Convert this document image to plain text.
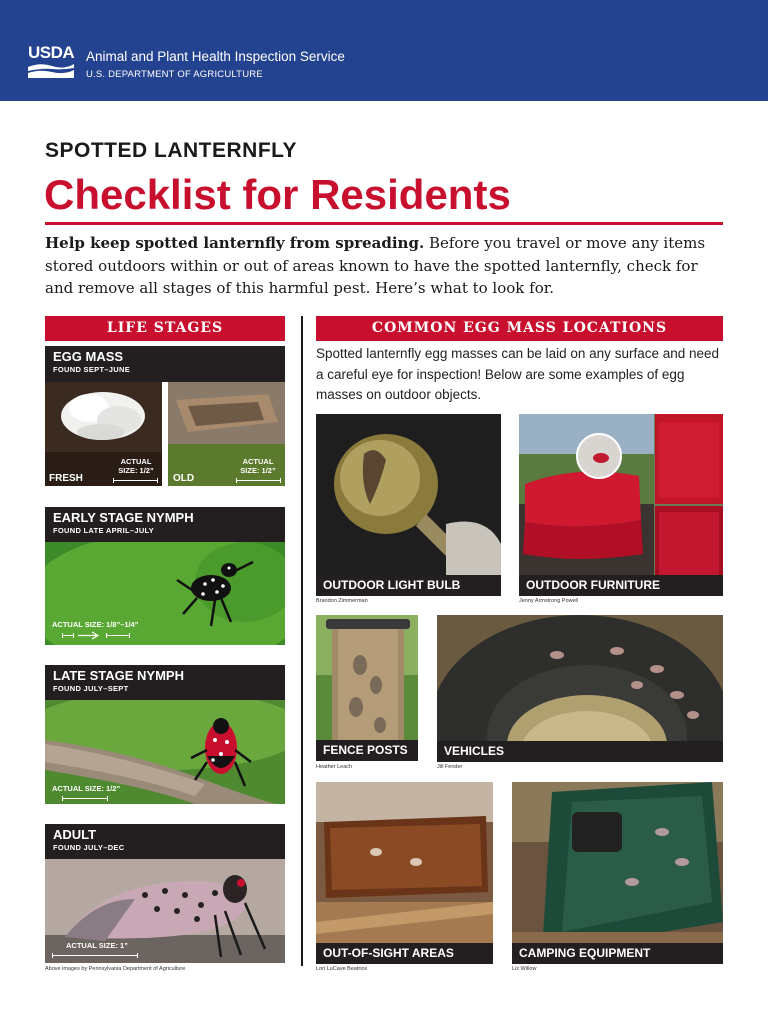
USDA Animal and Plant Health Inspection Service
U.S. DEPARTMENT OF AGRICULTURE
SPOTTED LANTERNFLY
Checklist for Residents
Help keep spotted lanternfly from spreading. Before you travel or move any items stored outdoors within or out of areas known to have the spotted lanternfly, check for and remove all stages of this harmful pest. Here’s what to look for.
LIFE STAGES
EGG MASS
FOUND SEPT–JUNE
FRESH
ACTUAL
SIZE: 1/2”
OLD
ACTUAL
SIZE: 1/2”
EARLY STAGE NYMPH
FOUND LATE APRIL–JULY
ACTUAL SIZE: 1/8”–1/4”
LATE STAGE NYMPH
FOUND JULY–SEPT
ACTUAL SIZE: 1/2”
ADULT
FOUND JULY–DEC
ACTUAL SIZE: 1”
Above images by Pennsylvania Department of Agriculture
COMMON EGG MASS LOCATIONS
Spotted lanternfly egg masses can be laid on any surface and need a careful eye for inspection! Below are some examples of egg masses on outdoor objects.
OUTDOOR LIGHT BULB
Brandon Zimmerman
OUTDOOR FURNITURE
Jenny Armstrong Powell
FENCE POSTS
Heather Leach
VEHICLES
Jill Fender
OUT-OF-SIGHT AREAS
Lori LuCave Beatrice
CAMPING EQUIPMENT
Liz Willow
